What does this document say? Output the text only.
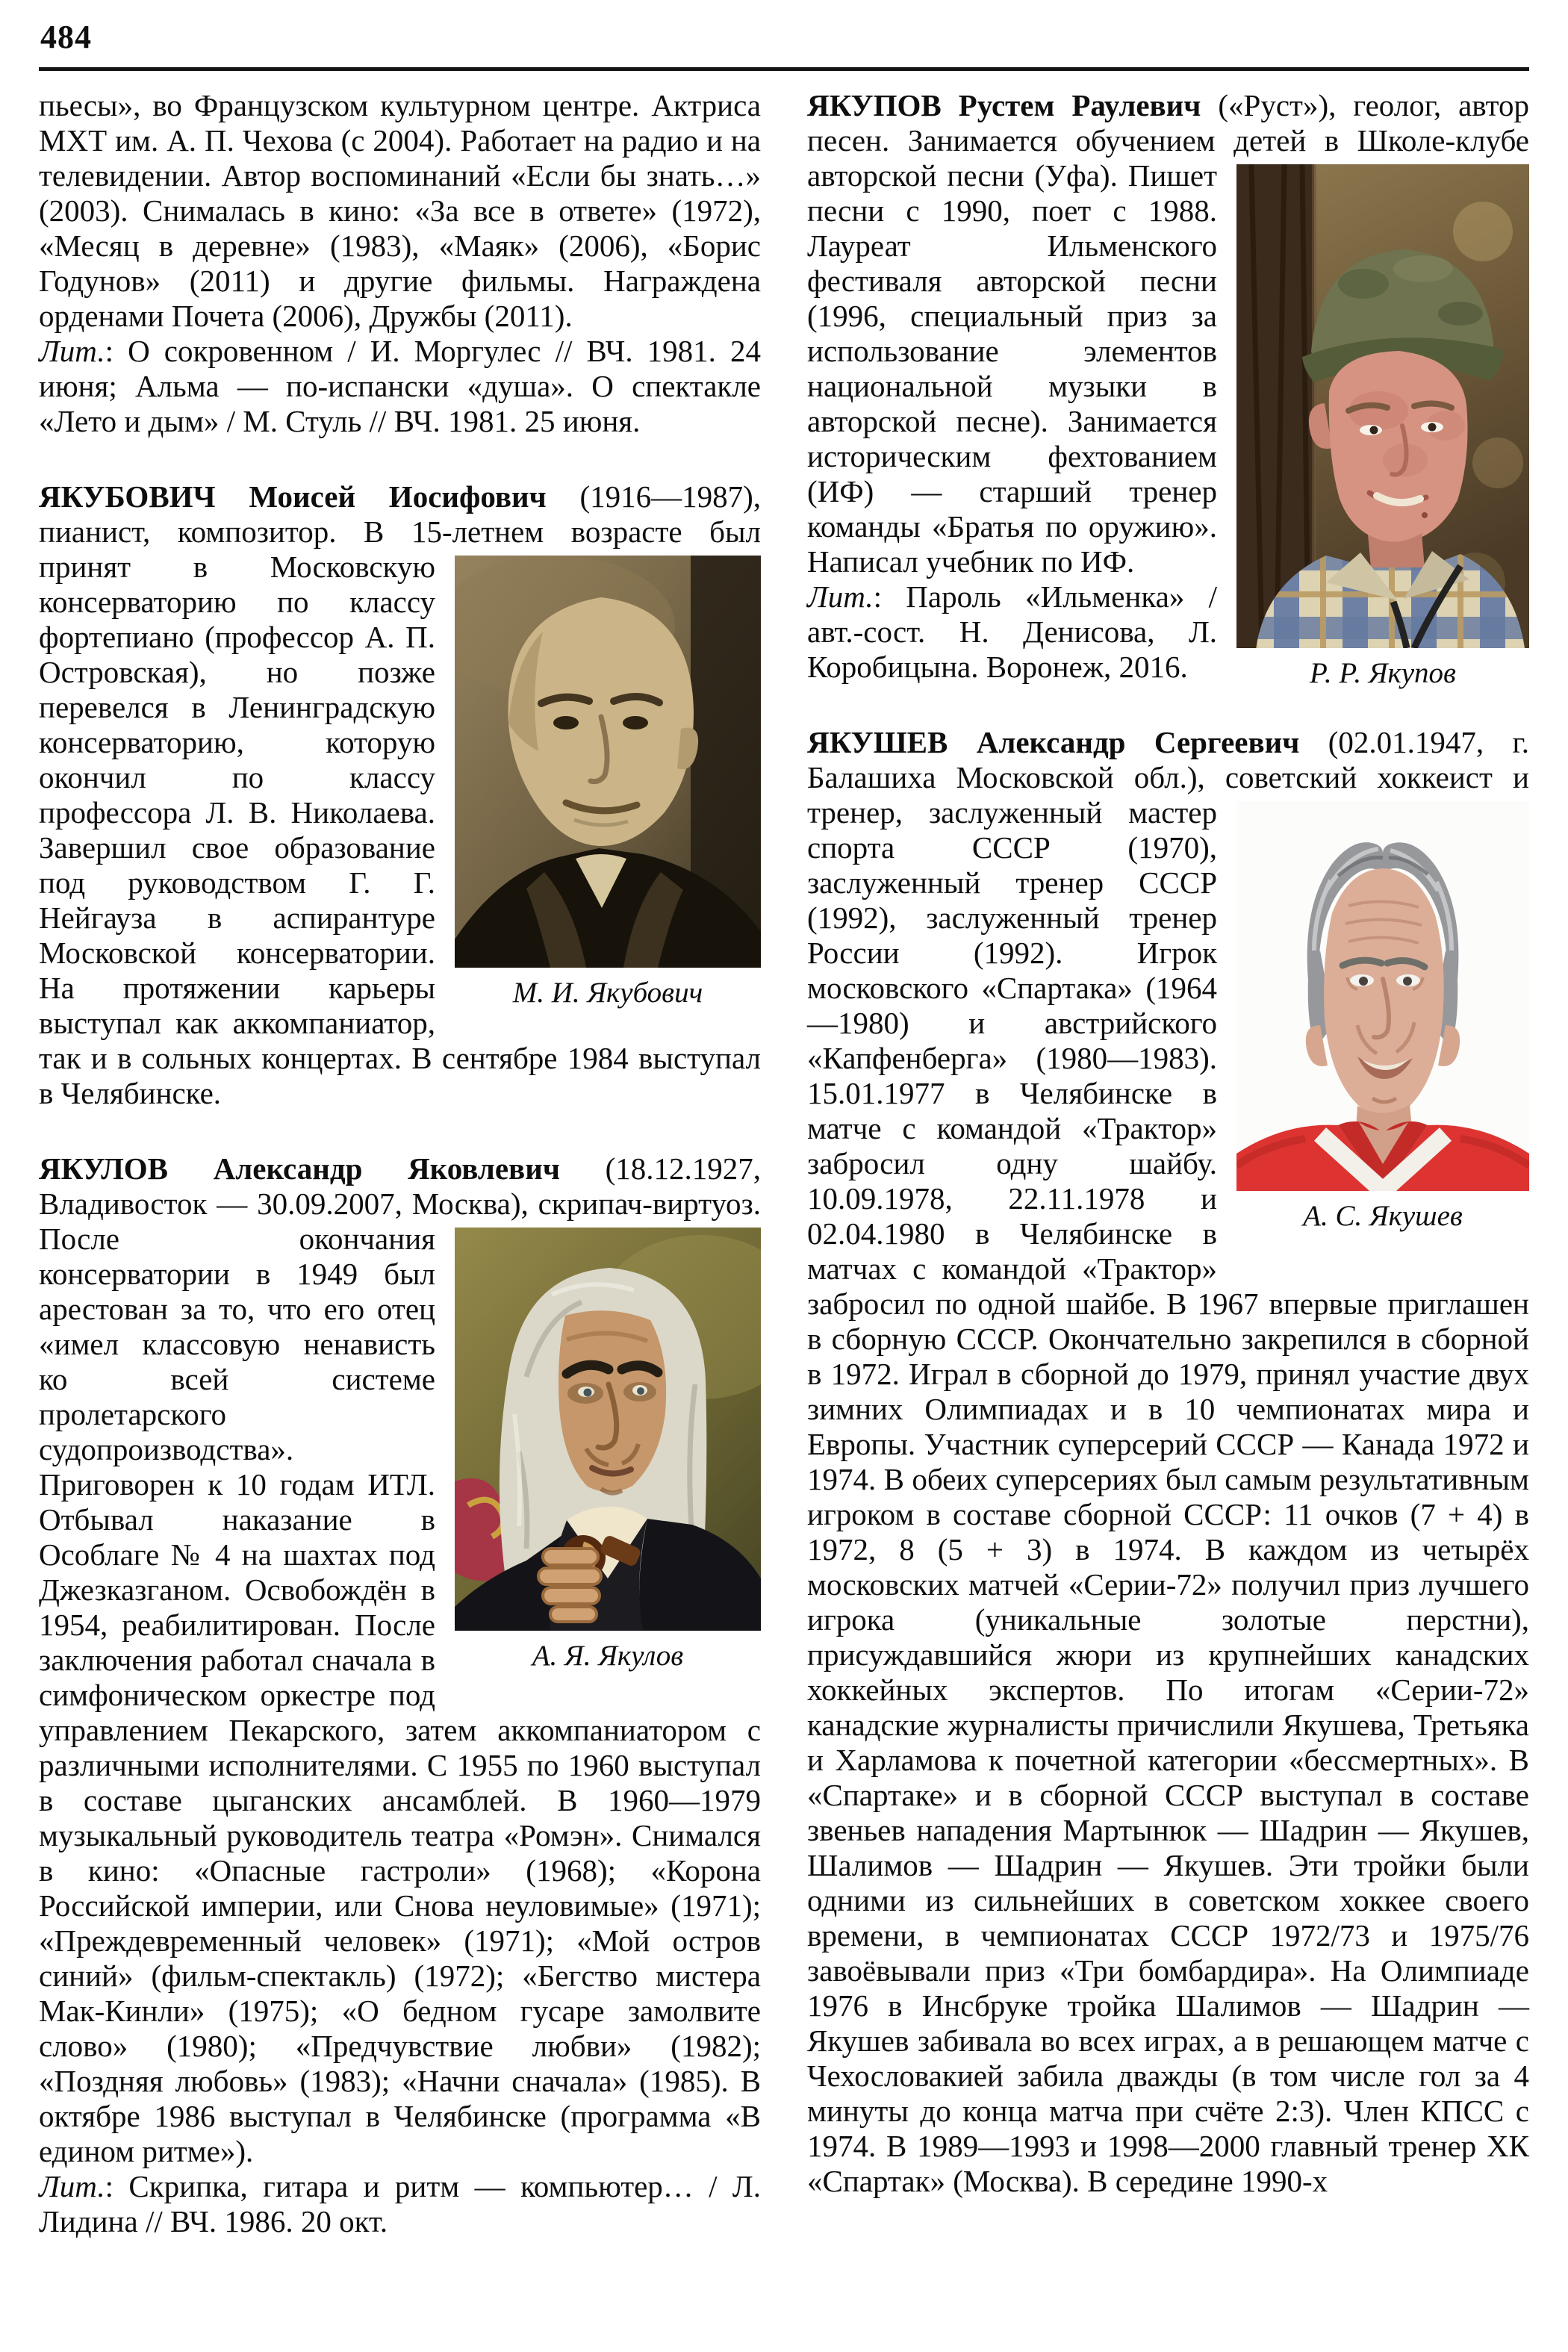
484

пьесы», во Французском культурном центре. Актриса МХТ им. А. П. Чехова (с 2004). Работает на радио и на телевидении. Автор воспоминаний «Если бы знать…» (2003). Снималась в кино: «За все в ответе» (1972), «Месяц в деревне» (1983), «Маяк» (2006), «Борис Годунов» (2011) и другие фильмы. Награждена орденами Почета (2006), Дружбы (2011).

Лит.: О сокровенном / И. Моргулес // ВЧ. 1981. 24 июня; Альма — по-испански «душа». О спектакле «Лето и дым» / М. Стуль // ВЧ. 1981. 25 июня.

ЯКУБОВИЧ Моисей Иосифович (1916—1987), пианист, композитор. В 15-летнем возрасте был принят
М. И. Якубович
в Московскую консерваторию по классу фортепиано (профессор А. П. Островская), но позже перевелся в Ленинградскую консерваторию, которую окончил по классу профессора Л. В. Николаева. Завершил свое образование под руководством Г. Г. Нейгауза в аспирантуре Московской консерватории. На протяжении карьеры выступал как аккомпаниатор, так и в сольных концертах. В сентябре 1984 выступал в Челябинске.

ЯКУЛОВ Александр Яковлевич (18.12.1927, Владивосток — 30.09.2007, Москва), скрипач-виртуоз. После
А. Я. Якулов
окончания консерватории в 1949 был арестован за то, что его отец «имел классовую ненависть ко всей системе пролетарского судопроизводства». Приговорен к 10 годам ИТЛ. Отбывал наказание в Особлаге № 4 на шахтах под Джезказганом. Освобождён в 1954, реабилитирован. После заключения работал сначала в симфоническом оркестре под управлением Пекарского, затем аккомпаниатором с различными исполнителями. С 1955 по 1960 выступал в составе цыганских ансамблей. В 1960—1979 музыкальный руководитель театра «Ромэн». Снимался в кино: «Опасные гастроли» (1968); «Корона Российской империи, или Снова неуловимые» (1971); «Преждевременный человек» (1971); «Мой остров синий» (фильм-спектакль) (1972); «Бегство мистера Мак-Кинли» (1975); «О бедном гусаре замолвите слово» (1980); «Предчувствие любви» (1982); «Поздняя любовь» (1983); «Начни сначала» (1985). В октябре 1986 выступал в Челябинске (программа «В едином ритме»).

Лит.: Скрипка, гитара и ритм — компьютер… / Л. Лидина // ВЧ. 1986. 20 окт.

ЯКУПОВ Рустем Раулевич («Руст»), геолог, автор песен. Занимается обучением детей в Школе-клубе
Р. Р. Якупов
авторской песни (Уфа). Пишет песни с 1990, поет с 1988. Лауреат Ильменского фестиваля авторской песни (1996, специальный приз за использование элементов национальной музыки в авторской песне). Занимается историческим фехтованием (ИФ) — старший тренер команды «Братья по оружию». Написал учебник по ИФ.

Лит.: Пароль «Ильменка» / авт.-сост. Н. Денисова, Л. Коробицына. Воронеж, 2016.

ЯКУШЕВ Александр Сергеевич (02.01.1947, г. Балашиха Московской обл.), советский хоккеист и
А. С. Якушев
тренер, заслуженный мастер спорта СССР (1970), заслуженный тренер СССР (1992), заслуженный тренер России (1992). Игрок московского «Спартака» (1964—1980) и австрийского «Капфенберга» (1980—1983). 15.01.1977 в Челябинске в матче с командой «Трактор» забросил одну шайбу. 10.09.1978, 22.11.1978 и 02.04.1980 в Челябинске в матчах с командой «Трактор» забросил по одной шайбе. В 1967 впервые приглашен в сборную СССР. Окончательно закрепился в сборной в 1972. Играл в сборной до 1979, принял участие двух зимних Олимпиадах и в 10 чемпионатах мира и Европы. Участник суперсерий СССР — Канада 1972 и 1974. В обеих суперсериях был самым результативным игроком в составе сборной СССР: 11 очков (7 + 4) в 1972, 8 (5 + 3) в 1974. В каждом из четырёх московских матчей «Серии-72» получил приз лучшего игрока (уникальные золотые перстни), присуждавшийся жюри из крупнейших канадских хоккейных экспертов. По итогам «Серии-72» канадские журналисты причислили Якушева, Третьяка и Харламова к почетной категории «бессмертных». В «Спартаке» и в сборной СССР выступал в составе звеньев нападения Мартынюк — Шадрин — Якушев, Шалимов — Шадрин — Якушев. Эти тройки были одними из сильнейших в советском хоккее своего времени, в чемпионатах СССР 1972/73 и 1975/76 завоёвывали приз «Три бомбардира». На Олимпиаде 1976 в Инсбруке тройка Шалимов — Шадрин — Якушев забивала во всех играх, а в решающем матче с Чехословакией забила дважды (в том числе гол за 4 минуты до конца матча при счёте 2:3). Член КПСС с 1974. В 1989—1993 и 1998—2000 главный тренер ХК «Спартак» (Москва). В середине 1990-х
